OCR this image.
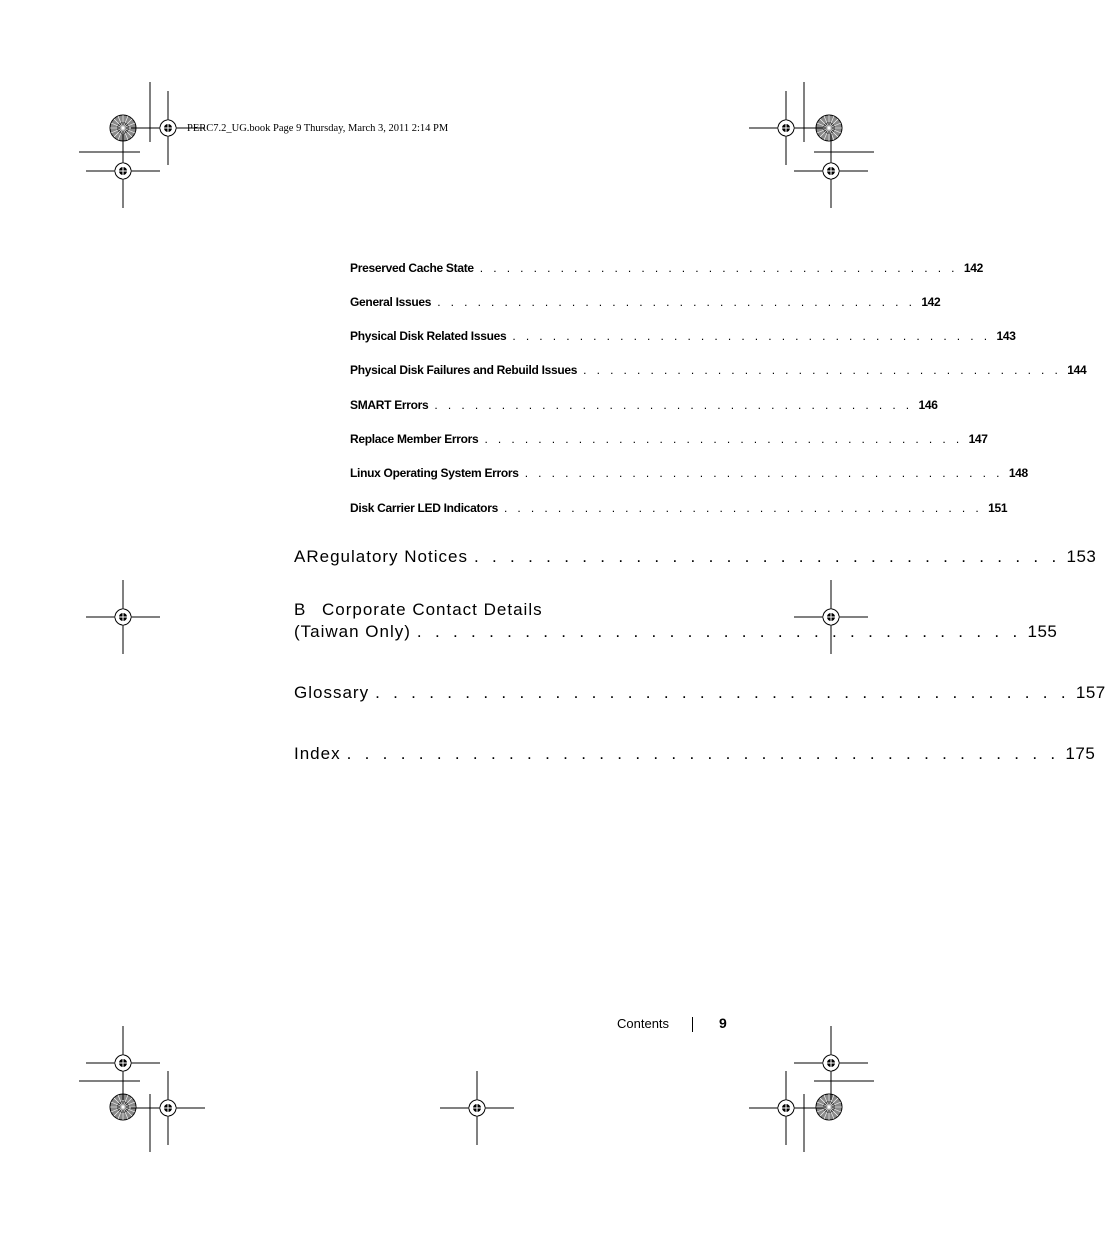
PERC7.2_UG.book Page 9 Thursday, March 3, 2011 2:14 PM
Preserved Cache State . . . . . . . . . . . . . . . . . . . . . . . . . . . . . . . . . . . . 142
General Issues . . . . . . . . . . . . . . . . . . . . . . . . . . . . . . . . . . . . 142
Physical Disk Related Issues . . . . . . . . . . . . . . . . . . . . . . . . . . . . . . . . . . . . 143
Physical Disk Failures and Rebuild Issues . . . . . . . . . . . . . . . . . . . . . . . . . . . . . . . . . . . . 144
SMART Errors . . . . . . . . . . . . . . . . . . . . . . . . . . . . . . . . . . . . 146
Replace Member Errors . . . . . . . . . . . . . . . . . . . . . . . . . . . . . . . . . . . . 147
Linux Operating System Errors . . . . . . . . . . . . . . . . . . . . . . . . . . . . . . . . . . . . 148
Disk Carrier LED Indicators . . . . . . . . . . . . . . . . . . . . . . . . . . . . . . . . . . . . 151
A Regulatory Notices . . . . . . . . . . . . . . . . . . . . . . . . . . . . . . . . . 153
B Corporate Contact Details
(Taiwan Only) . . . . . . . . . . . . . . . . . . . . . . . . . . . . . . . . . . 155
Glossary . . . . . . . . . . . . . . . . . . . . . . . . . . . . . . . . . . . . . . . 157
Index . . . . . . . . . . . . . . . . . . . . . . . . . . . . . . . . . . . . . . . . 175
Contents	9
